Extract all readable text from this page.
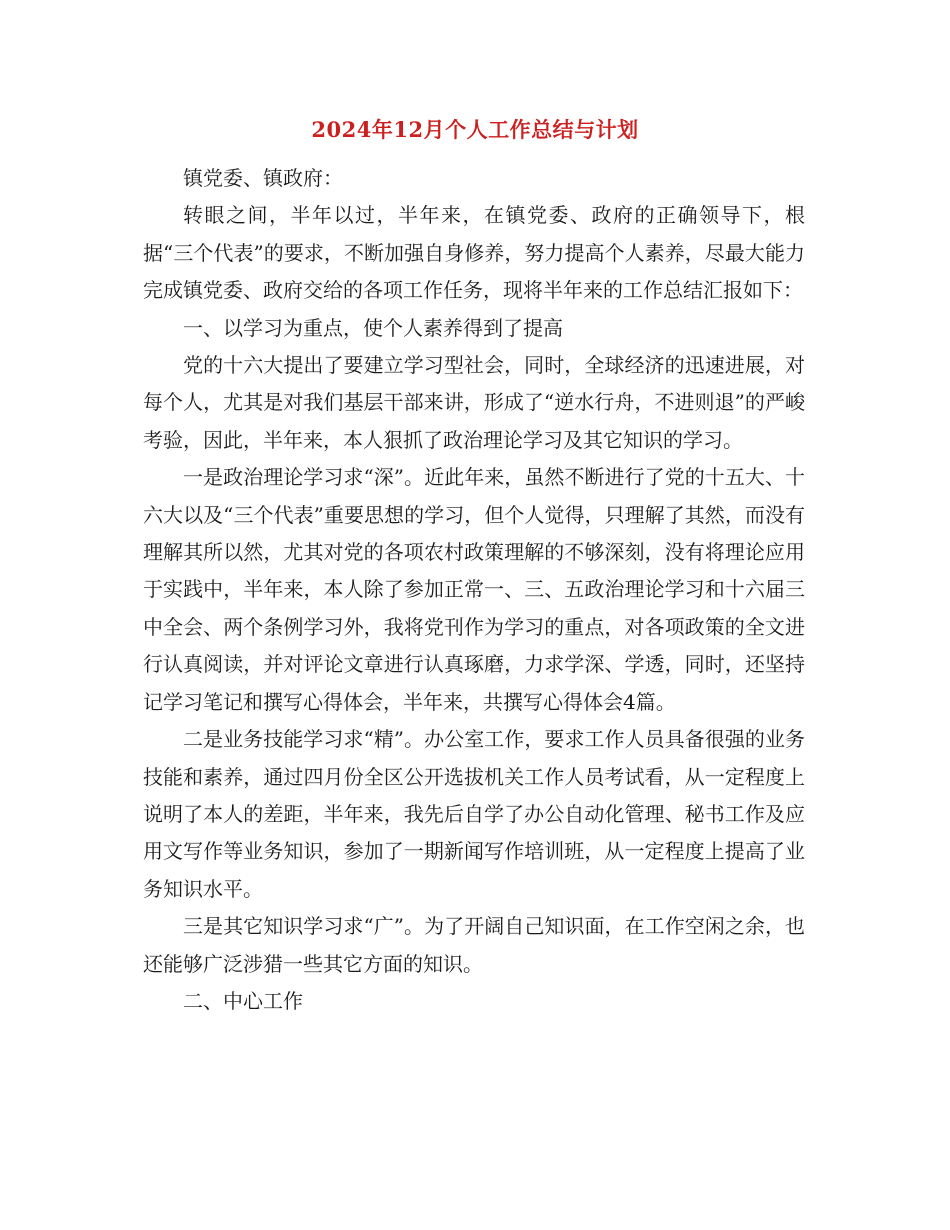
2024年12月个人工作总结与计划

镇党委、镇政府：

转眼之间，半年以过，半年来，在镇党委、政府的正确领导下，根据“三个代表”的要求，不断加强自身修养，努力提高个人素养，尽最大能力完成镇党委、政府交给的各项工作任务，现将半年来的工作总结汇报如下：

一、以学习为重点，使个人素养得到了提高

党的十六大提出了要建立学习型社会，同时，全球经济的迅速进展，对每个人，尤其是对我们基层干部来讲，形成了“逆水行舟，不进则退”的严峻考验，因此，半年来，本人狠抓了政治理论学习及其它知识的学习。

一是政治理论学习求“深”。近此年来，虽然不断进行了党的十五大、十六大以及“三个代表”重要思想的学习，但个人觉得，只理解了其然，而没有理解其所以然，尤其对党的各项农村政策理解的不够深刻，没有将理论应用于实践中，半年来，本人除了参加正常一、三、五政治理论学习和十六届三中全会、两个条例学习外，我将党刊作为学习的重点，对各项政策的全文进行认真阅读，并对评论文章进行认真琢磨，力求学深、学透，同时，还坚持记学习笔记和撰写心得体会，半年来，共撰写心得体会4篇。

二是业务技能学习求“精”。办公室工作，要求工作人员具备很强的业务技能和素养，通过四月份全区公开选拔机关工作人员考试看，从一定程度上说明了本人的差距，半年来，我先后自学了办公自动化管理、秘书工作及应用文写作等业务知识，参加了一期新闻写作培训班，从一定程度上提高了业务知识水平。

三是其它知识学习求“广”。为了开阔自己知识面，在工作空闲之余，也还能够广泛涉猎一些其它方面的知识。

二、中心工作
